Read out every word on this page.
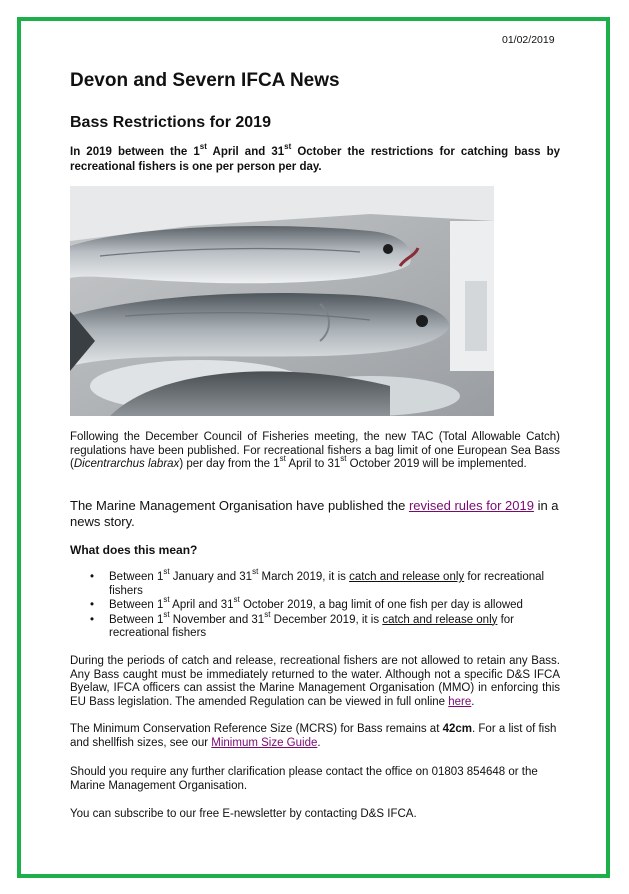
01/02/2019
Devon and Severn IFCA News
Bass Restrictions for 2019

In 2019 between the 1st April and 31st October the restrictions for catching bass by recreational fishers is one per person per day.

Following the December Council of Fisheries meeting, the new TAC (Total Allowable Catch) regulations have been published. For recreational fishers a bag limit of one European Sea Bass (Dicentrarchus labrax) per day from the 1st April to 31st October 2019 will be implemented.

The Marine Management Organisation have published the revised rules for 2019 in a news story.

What does this mean?
• Between 1st January and 31st March 2019, it is catch and release only for recreational fishers
• Between 1st April and 31st October 2019, a bag limit of one fish per day is allowed
• Between 1st November and 31st December 2019, it is catch and release only for recreational fishers

During the periods of catch and release, recreational fishers are not allowed to retain any Bass. Any Bass caught must be immediately returned to the water. Although not a specific D&S IFCA Byelaw, IFCA officers can assist the Marine Management Organisation (MMO) in enforcing this EU Bass legislation. The amended Regulation can be viewed in full online here.

The Minimum Conservation Reference Size (MCRS) for Bass remains at 42cm. For a list of fish and shellfish sizes, see our Minimum Size Guide.

Should you require any further clarification please contact the office on 01803 854648 or the Marine Management Organisation.

You can subscribe to our free E-newsletter by contacting D&S IFCA.
